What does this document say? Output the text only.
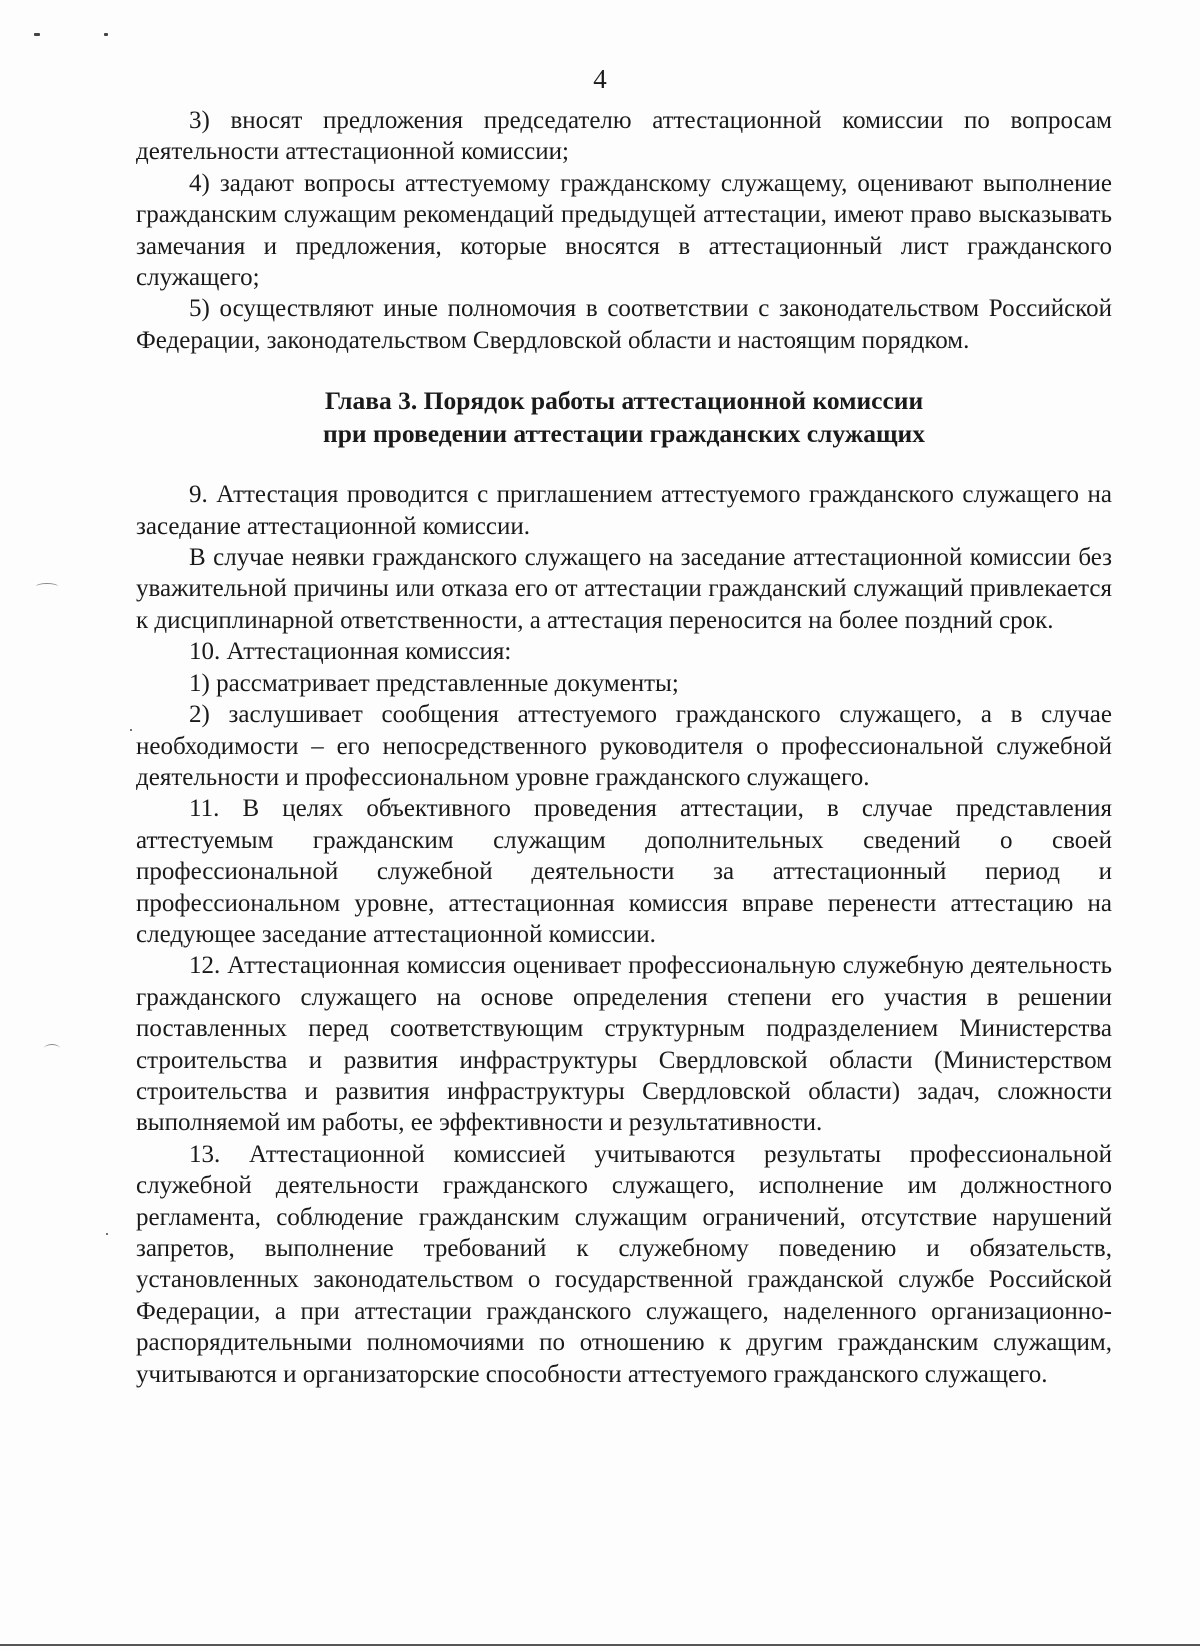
4

3) вносят предложения председателю аттестационной комиссии по вопросам деятельности аттестационной комиссии;

4) задают вопросы аттестуемому гражданскому служащему, оценивают выполнение гражданским служащим рекомендаций предыдущей аттестации, имеют право высказывать замечания и предложения, которые вносятся в аттестационный лист гражданского служащего;

5) осуществляют иные полномочия в соответствии с законодательством Российской Федерации, законодательством Свердловской области и настоящим порядком.

Глава 3. Порядок работы аттестационной комиссии
при проведении аттестации гражданских служащих

9. Аттестация проводится с приглашением аттестуемого гражданского служащего на заседание аттестационной комиссии.

В случае неявки гражданского служащего на заседание аттестационной комиссии без уважительной причины или отказа его от аттестации гражданский служащий привлекается к дисциплинарной ответственности, а аттестация переносится на более поздний срок.

10. Аттестационная комиссия:

1) рассматривает представленные документы;

2) заслушивает сообщения аттестуемого гражданского служащего, а в случае необходимости – его непосредственного руководителя о профессиональной служебной деятельности и профессиональном уровне гражданского служащего.

11. В целях объективного проведения аттестации, в случае представления аттестуемым гражданским служащим дополнительных сведений о своей профессиональной служебной деятельности за аттестационный период и профессиональном уровне, аттестационная комиссия вправе перенести аттестацию на следующее заседание аттестационной комиссии.

12. Аттестационная комиссия оценивает профессиональную служебную деятельность гражданского служащего на основе определения степени его участия в решении поставленных перед соответствующим структурным подразделением Министерства строительства и развития инфраструктуры Свердловской области (Министерством строительства и развития инфраструктуры Свердловской области) задач, сложности выполняемой им работы, ее эффективности и результативности.

13. Аттестационной комиссией учитываются результаты профессиональной служебной деятельности гражданского служащего, исполнение им должностного регламента, соблюдение гражданским служащим ограничений, отсутствие нарушений запретов, выполнение требований к служебному поведению и обязательств, установленных законодательством о государственной гражданской службе Российской Федерации, а при аттестации гражданского служащего, наделенного организационно-распорядительными полномочиями по отношению к другим гражданским служащим, учитываются и организаторские способности аттестуемого гражданского служащего.
